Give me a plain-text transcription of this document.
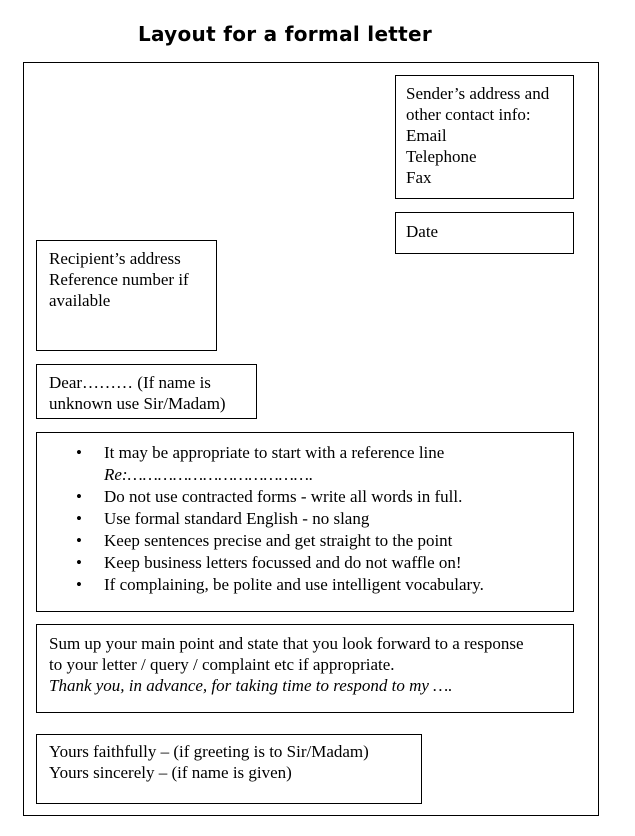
Layout for a formal letter
Sender’s address and
other contact info:
Email
Telephone
Fax
Date
Recipient’s address
Reference number if
available
Dear……… (If name is
unknown use Sir/Madam)
• It may be appropriate to start with a reference line
Re:……………………………….
• Do not use contracted forms - write all words in full.
• Use formal standard English - no slang
• Keep sentences precise and get straight to the point
• Keep business letters focussed and do not waffle on!
• If complaining, be polite and use intelligent vocabulary.
Sum up your main point and state that you look forward to a response
to your letter / query / complaint etc if appropriate.
Thank you, in advance, for taking time to respond to my ….
Yours faithfully – (if greeting is to Sir/Madam)
Yours sincerely – (if name is given)
